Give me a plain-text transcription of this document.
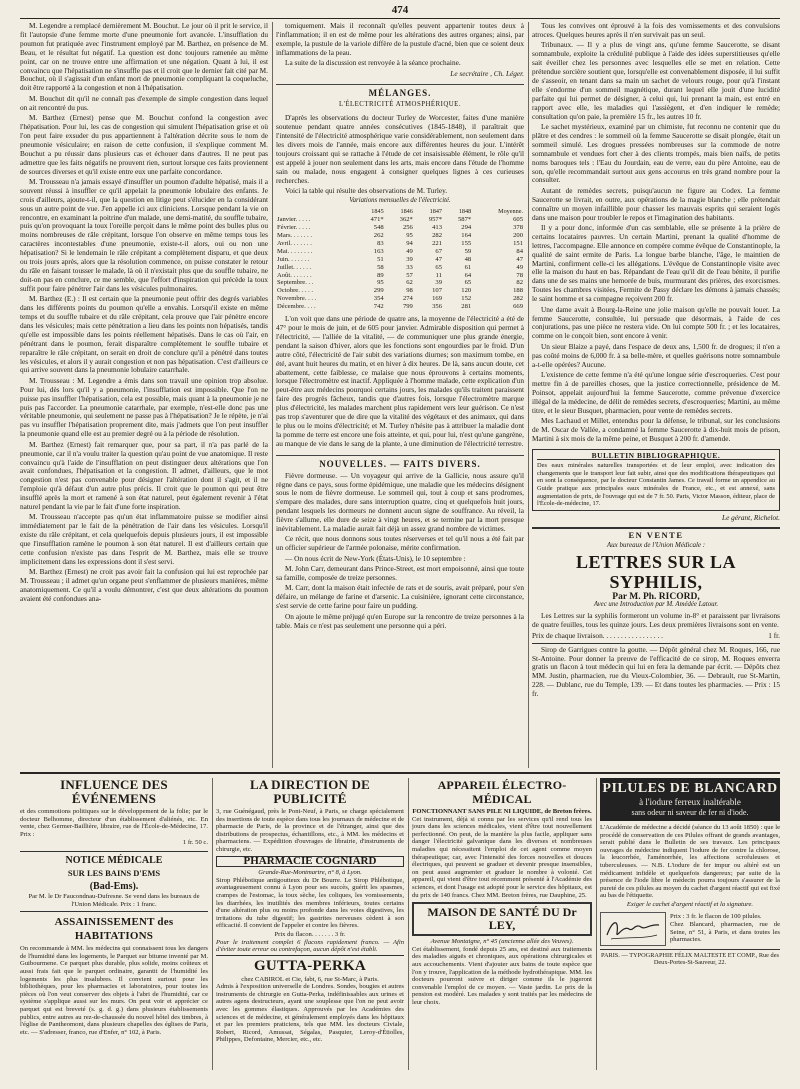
474

M. Legendre a remplacé dernièrement M. Bouchut. Le jour où il prit le service, il fit l'autopsie d'une femme morte d'une pneumonie fort avancée. L'insufflation du poumon fut pratiquée avec l'instrument employé par M. Barthez, en présence de M. Beau, et le résultat fut négatif. La question est donc toujours ramenée au même point, car on ne trouve entre une affirmation et une négation. Quant à lui, il est convaincu que l'hépatisation ne s'insuffle pas et il croit que le dernier fait cité par M. Bouchut, où il s'agissait d'un enfant mort de pneumonie compliquant la coqueluche, doit être rapporté à la congestion et non à l'hépatisation.

M. Bouchut dit qu'il ne connaît pas d'exemple de simple congestion dans lequel on ait rencontré du pus.

M. Barthez (Ernest) pense que M. Bouchut confond la congestion avec l'hépatisation. Pour lui, les cas de congestion qui simulent l'hépatisation grise et où l'on peut faire exsuder du pus appartiennent à l'altération décrite sous le nom de pneumonie vésiculaire; en raison de cette confusion, il s'explique comment M. Bouchut a pu réussir dans plusieurs cas et échouer dans d'autres. Il ne peut pas admettre que les faits négatifs ne prouvent rien, surtout lorsque ces faits proviennent de sources diverses et qu'il existe entre eux une parfaite concordance.

M. Trousseau n'a jamais essayé d'insuffler un poumon d'adulte hépatisé, mais il a souvent réussi à insuffler ce qu'il appelait la pneumonie lobulaire des enfants. Je crois d'ailleurs, ajoute-t-il, que la question en litige peut s'élucider en la considérant sous un autre point de vue. J'en appelle ici aux cliniciens. Lorsque pendant la vie on rencontre, en examinant la poitrine d'un malade, une demi-matité, du souffle tubaire, puis qu'on provoquant la toux l'oreille perçoit dans le même point des bulles plus ou moins nombreuses de râle crépitant, lorsque l'on observe en même temps tous les caractères incontestables d'une pneumonie, existe-t-il alors, oui ou non une hépatisation? Si le lendemain le râle crépitant a complètement disparu, et que deux ou trois jours après, alors que la résolution commence, on puisse constater le retour du râle en faisant tousser le malade, là où il n'existait plus que du souffle tubaire, ne doit-on pas en conclure, ce me semble, que l'effort d'inspiration qui précède la toux suffit pour faire pénétrer l'air dans les vésicules pulmonaires.

M. Barthez (E.) : Il est certain que la pneumonie peut offrir des degrés variables dans les différents points du poumon qu'elle a envahis. Lorsqu'il existe en même temps et du souffle tubaire et du râle crépitant, cela prouve que l'air pénètre encore dans les vésicules; mais cette pénétration a lieu dans les points non hépatisés, tandis qu'elle est impossible dans les points réellement hépatisés. Dans le cas où l'air, en pénétrant dans le poumon, ferait disparaître complètement le souffle tubaire et reparaître le râle crépitant, on serait en droit de conclure qu'il a pénétré dans toutes les vésicules, et alors il y aurait congestion et non pas hépatisation. C'est d'ailleurs ce qui arrive souvent dans la pneumonie lobulaire catarrhale.

M. Trousseau : M. Legendre a émis dans son travail une opinion trop absolue. Pour lui, dès lors qu'il y a pneumonie, l'insufflation est impossible. Que l'on ne puisse pas insuffler l'hépatisation, cela est possible, mais quant à la pneumonie je ne puis pas l'accorder. La pneumonie catarrhale, par exemple, n'est-elle donc pas une véritable pneumonie, qui seulement ne passe pas à l'hépatisation? Je le répète, je n'ai pas vu insuffler l'hépatisation proprement dite, mais j'admets que l'on peut insuffler la pneumonie quand elle est au premier degré ou à la période de résolution.

M. Barthez (Ernest) fait remarquer que, pour sa part, il n'a pas parlé de la pneumonie, car il n'a voulu traiter la question qu'au point de vue anatomique. Il reste convaincu qu'à l'aide de l'insufflation on peut distinguer deux altérations que l'on avait confondues, l'hépatisation et la congestion. Il admet, d'ailleurs, que le mot congestion n'est pas convenable pour désigner l'altération dont il s'agit, et il ne l'emploie qu'à défaut d'un autre plus précis. Il croit que le poumon qui peut être insufflé après la mort et ramené à son état naturel, peut également revenir à l'état naturel pendant la vie par le fait d'une forte inspiration.

M. Trousseau n'accepte pas qu'un état inflammatoire puisse se modifier ainsi immédiatement par le fait de la pénétration de l'air dans les vésicules. Lorsqu'il existe du râle crépitant, et cela quelquefois depuis plusieurs jours, il est impossible que l'insufflation ramène le poumon à son état naturel. Il est d'ailleurs certain que cette confusion n'existe pas dans l'esprit de M. Barthez, mais elle se trouve implicitement dans les expressions dont il s'est servi.

M. Barthez (Ernest) ne croit pas avoir fait la confusion qui lui est reprochée par M. Trousseau ; il admet qu'un organe peut s'enflammer de plusieurs manières, même anatomiquement. Ce qu'il a voulu démontrer, c'est que deux altérations du poumon avaient été confondues ana-

tomiquement. Mais il reconnaît qu'elles peuvent appartenir toutes deux à l'inflammation; il en est de même pour les altérations des autres organes; ainsi, par exemple, la pustule de la variole diffère de la pustule d'acné, bien que ce soient deux inflammations de la peau.

La suite de la discussion est renvoyée à la séance prochaine.

Le secrétaire , Ch. Léger.
MÉLANGES.
L'ÉLECTRICITÉ ATMOSPHÉRIQUE.

D'après les observations du docteur Turley de Worcester, faites d'une manière soutenue pendant quatre années consécutives (1845-1848), il paraîtrait que l'intensité de l'électricité atmosphérique varie considérablement, non seulement dans les divers mois de l'année, mais encore aux différentes heures du jour. L'intérêt toujours croissant qui se rattache à l'étude de cet insaisissable élément, le rôle qu'il est appelé à jouer non seulement dans les arts, mais encore dans l'étude de l'homme sain ou malade, nous engagent à consigner quelques lignes à ces curieuses recherches.

Voici la table qui résulte des observations de M. Turley.

Variations mensuelles de l'électricité.
	1845	1846	1847	1848	Moyenne.
Janvier. . . . .	471*	362*	957*	587*	605
Février. . . . .	548	256	413	294	378
Mars. . . . . . .	262	95	282	164	200
Avril. . . . . . .	83	94	221	155	151
Mai. . . . . . . .	163	49	67	59	84
Juin. . . . . . .	51	39	47	48	47
Juillet. . . . . .	58	33	65	61	49
Août. . . . . . .	89	57	11	64	78
Septembre. . .	95	62	39	65	82
Octobre. . . . .	299	98	107	120	188
Novembre. . . .	354	274	169	152	282
Décembre. . . .	742	799	356	281	669

L'on voit que dans une période de quatre ans, la moyenne de l'électricité a été de 47° pour le mois de juin, et de 605 pour janvier. Admirable disposition qui permet à l'électricité, — l'alliée de la vitalité, — de communiquer une plus grande énergie, pendant la saison d'hiver, alors que les fonctions sont engourdies par le froid. D'un autre côté, l'électricité de l'air subit des variations diurnes; son maximum tombe, en été, avant huit heures du matin, et en hiver à dix heures. De là, sans aucun doute, cet abattement, cette faiblesse, ce malaise que nous éprouvons à certains moments, lorsque l'électromètre est inactif. Appliquée à l'homme malade, cette explication d'un peut-être aux médecins pourquoi certains jours, les malades qu'ils traitent paraissent faire des progrès fâcheux, tandis que d'autres fois, lorsque l'électromètre marque plus d'électricité, les malades marchent plus rapidement vers leur guérison. Ce n'est pas trop s'aventurer que de dire que la vitalité des végétaux et des animaux, qui dans le plus ou le moins d'électricité; et M. Turley n'hésite pas à attribuer la maladie dont la pomme de terre est encore une fois atteinte, et qui, pour lui, n'est qu'une gangrène, au manque de vie dans le sang de la plante, à une diminution de l'électricité terrestre.

NOUVELLES. — FAITS DIVERS.

Fièvre dormeuse. — Un voyageur qui arrive de la Gallicie, nous assure qu'il règne dans ce pays, sous forme épidémique, une maladie que les médecins désignent sous le nom de fièvre dormeuse. Le sommeil qui, tout à coup et sans prodromes, s'empare des malades, dure sans interruption quatre, cinq et quelquefois huit jours, pendant lesquels les dormeurs ne donnent aucun signe de souffrance. Au réveil, la fièvre s'allume, elle dure de seize à vingt heures, et se termine par la mort presque inévitablement. La maladie aurait fait déjà un assez grand nombre de victimes.

Ce récit, que nous donnons sous toutes réserverses et tel qu'il nous a été fait par un officier supérieur de l'armée polonaise, mérite confirmation.

— On nous écrit de New-York (États-Unis), le 10 septembre :

M. John Carr, demeurant dans Prince-Street, est mort empoisonné, ainsi que toute sa famille, composée de treize personnes.

M. Carr, dont la maison était infectée de rats et de souris, avait préparé, pour s'en défaire, un mélange de farine et d'arsenic. La cuisinière, ignorant cette circonstance, s'est servie de cette farine pour faire un pudding.

On ajoute le même préjugé qu'en Europe sur la rencontre de treize personnes à la table. Mais ce n'est pas seulement une personne qui a péri.

Tous les convives ont éprouvé à la fois des vomissements et des convulsions atroces. Quelques heures après il n'en survivait pas un seul.

Tribunaux. — Il y a plus de vingt ans, qu'une femme Saucerotte, se disant somnambule, exploite la crédulité publique à l'aide des idées superstitieuses qu'elle sait éveiller chez les personnes avec lesquelles elle se met en relation. Cette prétendue sorcière soutient que, lorsqu'elle est convenablement disposée, il lui suffit de s'asseoir, en tenant dans sa main un sachet de velours rouge, pour qu'à l'instant elle s'endorme d'un sommeil magnétique, durant lequel elle jouit d'une lucidité parfaite qui lui permet de désigner, à celui qui, lui prenant la main, est entré en rapport avec elle, les maladies qui l'assiègent, et d'en indiquer le remède; consultation qu'on paie, la première 15 fr., les autres 10 fr.

Le sachet mystérieux, examiné par un chimiste, fut reconnu ne contenir que du plâtre et des cendres : le sommeil où la femme Saucerotte se disait plongée, était un sommeil simulé. Les drogues pressées nombreuses sur la commode de notre somnambule et vendues fort cher à des clients trompés, mais bien naïfs, de petits noms baroques tels : l'Eau du Jourdain, eau de verre, eau du père Antoine, eau de son, qu'elle recommandait surtout aux gens accourus en très grand nombre pour la consulter.

Autant de remèdes secrets, puisqu'aucun ne figure au Codex. La femme Saucerotte se livrait, en outre, aux opérations de la magie blanche ; elle prétendait connaître un moyen infaillible pour chasser les mauvais esprits qui seraient logés dans une maison pour troubler le repos et l'imagination des habitants.

Il y a pour donc, informée d'un cas semblable, elle se présente à la prière de certains locataires pauvres. Un certain Martini, prenant la qualité d'homme de lettres, l'accompagne. Elle annonce en compère comme évêque de Constantinople, la qualité de saint ermite de Paris. La longue barbe blanche, l'âge, le maintien de Martini, confirment celle-ci les allégations. L'évêque de Constantinople visite avec elle la maison du haut en bas. Répandant de l'eau qu'il dit de l'eau bénite, il purifie dans une de ses mains une hemorée de buis, murmurant des prières, des exorcismes. Toutes les chambres visitées, Fermite de Passy déclare les démons à jamais chassés; le saint homme et sa compagne reçoivent 200 fr.

Une dame avait à Bourg-la-Reine une jolie maison qu'elle ne pouvait louer. La femme Saucerotte, consultée, lui persuade que désormais, à l'aide de ces conjurations, pas une pièce ne restera vide. On lui compte 500 fr. ; et les locataires, comme on le conçoit bien, sont encore à venir.

Un sieur Blaize a payé, dans l'espace de deux ans, 1,500 fr. de drogues; il n'en a pas coûté moins de 6,000 fr. à sa belle-mère, et quelles guérisons notre somnambule a-t-elle opérées? Aucune.

L'existence de cette femme n'a été qu'une longue série d'escroqueries. C'est pour mettre fin à de pareilles choses, que la justice correctionnelle, présidence de M. Poinsot, appelait aujourd'hui la femme Saucerotte, comme prévenue d'exercice illégal de la médecine, de délit de remèdes secrets, d'escroqueries; Martini, au même titre, et le sieur Busquet, pharmacien, pour vente de remèdes secrets.

Mes Lachaud et Millet, entendus pour la défense, le tribunal, sur les conclusions de M. Oscar de Vallée, a condamné la femme Saucerotte à dix-huit mois de prison, Martini à six mois de la même peine, et Busquet à 200 fr. d'amende.

BULLETIN BIBLIOGRAPHIQUE.
Des eaux minérales naturelles transportées et de leur emploi, avec indication des changements que le transport leur fait subir, ainsi que des modifications thérapeutiques qui en sont la conséquence, par le docteur Constantin James. Ce travail forme un appendice au Guide pratique aux principales eaux minérales de France, etc., et est annexé, sans augmentation de prix, de l'ouvrage qui est de 7 fr. 50. Paris, Victor Masson, éditeur, place de l'École-de-médecine, 17.
Le gérant, Richelot.
EN VENTE
Aux bureaux de l'Union Médicale :
LETTRES SUR LA SYPHILIS,
Par M. Ph. RICORD,
Avec une Introduction par M. Amédée Latour.

Les Lettres sur la syphilis formeront un volume in-8° et paraissent par livraisons de quatre feuilles, tous les quinze jours. Les deux premières livraisons sont en vente.

Prix de chaque livraison. . . . . . . . . . . . . . . . .	1 fr.

Sirop de Garrigues contre la goutte. — Dépôt général chez M. Roques, 166, rue St-Antoine. Pour donner la preuve de l'efficacité de ce sirop, M. Roques enverra gratis un flacon à tout médecin qui lui en fera la demande par écrit. — Dépôts chez MM. Justin, pharmacien, rue du Vieux-Colombier, 36. — Debrault, rue St-Martin, 228. — Dublanc, rue du Temple, 139. — Et dans toutes les pharmacies. — Prix : 15 fr.

INFLUENCE DES ÉVÉNEMENS

et des commotions politiques sur le développement de la folie; par le docteur Belhomme, directeur d'un établissement d'aliénés, etc. En vente, chez Germer-Baillière, libraire, rue de l'École-de-Médecine, 17. Prix :

1 fr. 50 c.
NOTICE MÉDICALE
SUR LES BAINS D'EMS
(Bad-Ems).

Par M. le Dr Faucondnau-Dufresne. Se vend dans les bureaux de l'Union Médicale. Prix : 1 franc.

ASSAINISSEMENT des HABITATIONS

On recommande à MM. les médecins qui connaissent tous les dangers de l'humidité dans les logements, le Parquet sur bitume inventé par M. Guibourmene. Ce parquet plus durable, plus solide, moins coûteux et aussi frais fait que le parquet ordinaire, garantit de l'humidité les logements les plus insalubres. Il convient surtout pour les bibliothèques, pour les pharmacies et laboratoires, pour toutes les pièces où l'on veut conserver des objets à l'abri de l'humidité, car ce système s'applique aussi sur les murs. On peut voir et apprécier ce parquet qui est breveté (s. g. d. g.) dans plusieurs établissements publics, entre autres au rez-de-chaussée du nouvel hôtel des timbres, à l'église de Pantheomont, dans plusieurs chapelles des églises de Paris, etc. — S'adresser, franco, rue d'Enfer, n° 102, à Paris.

LA DIRECTION DE PUBLICITÉ

3, rue Guénégaud, près le Pont-Neuf, à Paris, se charge spécialement des insertions de toute espèce dans tous les journaux de médecine et de pharmacie de Paris, de la province et de l'étranger, ainsi que des distributions de prospectus, échantillons, etc., à MM. les médecins et pharmaciens. — Expédition d'ouvrages de librairie, d'instruments de chirurgie, etc.

PHARMACIE COGNIARD
Grande-Rue-Montmartre, n° 8, à Lyon.

Sirop Phlébotique antigoutteux du Dr Bourre. Le Sirop Phlébotique, avantageusement connu à Lyon pour ses succès, guérit les spasmes, crampes de l'estomac, la toux sèche, les coliques, les vomissements, les diarrhées, les inutilités des membres inférieurs, toutes certains d'une altération plus ou moins profonde dans les voies digestives, les irritations du tube digestif; les gastrites nerveuses cèdent à son efficacité. Il convient de l'appeler et contre les fièvres.

Prix du flacon. . . . . . . 3 fr.

Pour le traitement complet 6 flacons rapidement franco. — Afin d'éviter toute erreur ou contrefaçon, aucun dépôt n'est établi.

GUTTA-PERKA
chez CABIROL et Cie, fabt, 6, rue St-Marc, à Paris.

Admis à l'exposition universelle de Londres. Sondes, bougies et autres instruments de chirurgie en Gutta-Perka, indéfinissables aux urines et autres agens destructeurs, ayant une souplesse que l'on ne peut avoir avec les gommes élastiques. Approuvés par les Académies des sciences et de médecine, et généralement employés dans les hôpitaux et par les premiers praticiens, tels que MM. les docteurs Civiale, Robert, Ricord, Amussat, Ségalas, Pasquier, Leroy-d'Étiolles, Philippes, Defontaine, Mercier, etc., etc.

APPAREIL ÉLECTRO-MÉDICAL
FONCTIONNANT SANS PILE NI LIQUIDE, de Breton frères.

Cet instrument, déjà si connu par les services qu'il rend tous les jours dans les sciences médicales, vient d'être tout nouvellement perfectionné. On peut, de la manière la plus facile, appliquer sans danger l'électricité galvanique dans les diverses et nombreuses maladies qui nécessitent l'emploi de cet agent comme moyen thérapeutique; car, avec l'intensité des forces nouvelles et douces électriques, qui peuvent se graduer et devenir presque insensibles, on peut aussi augmenter et graduer le nombre à volonté. Cet appareil, qui vient d'être tout récemment présenté à l'Académie des sciences, et dont l'usage est adopté pour le service des hôpitaux, est du prix de 140 francs. Chez MM. Breton frères, rue Dauphine, 25.

MAISON DE SANTÉ DU Dr LEY,
Avenue Montaigne, n° 45 (ancienne allée des Veuves).

Cet établissement, fondé depuis 25 ans, est destiné aux traitements des maladies aiguës et chroniques, aux opérations chirurgicales et aux accouchements. Vient d'ajouter aux bains de toute espèce que l'on y trouve, l'application de la méthode hydrothérapique. MM. les docteurs pourront suivre et diriger comme ils le jugeront convenable l'emploi de ce moyen. — Vaste jardin. Le prix de la pension est modéré. Les malades y sont traités par les médecins de leur choix.

PILULES DE BLANCARD
à l'iodure ferreux inaltérable
sans odeur ni saveur de fer ni d'iode.

L'Académie de médecine a décidé (séance du 13 août 1850) : que le procédé de conservation de ces Pilules offrant de grands avantages, serait publié dans le Bulletin de ses travaux. Les principaux ouvrages de médecine indiquent l'iodure de fer contre la chlorose, la leucorrhée, l'aménorrhée, les affections scrofuleuses et tuberculeuses. — N.B. L'iodure de fer impur ou altéré est un médicament infidèle et quelquefois dangereux; par suite de la présence de l'iode libre le médecin pourra toujours s'assurer de la pureté de ces pilules au moyen du cachet d'argent réactif qui est fixé au bas de l'étiquette.

Exiger le cachet d'argent réactif et la signature.

Prix : 3 fr. le flacon de 100 pilules.
Chez Blancard, pharmacien, rue de Seine, n° 51, à Paris, et dans toutes les pharmacies.
PARIS. — TYPOGRAPHIE FÉLIX MALTESTE ET COMP., Rue des Deux-Portes-St-Sauveur, 22.
